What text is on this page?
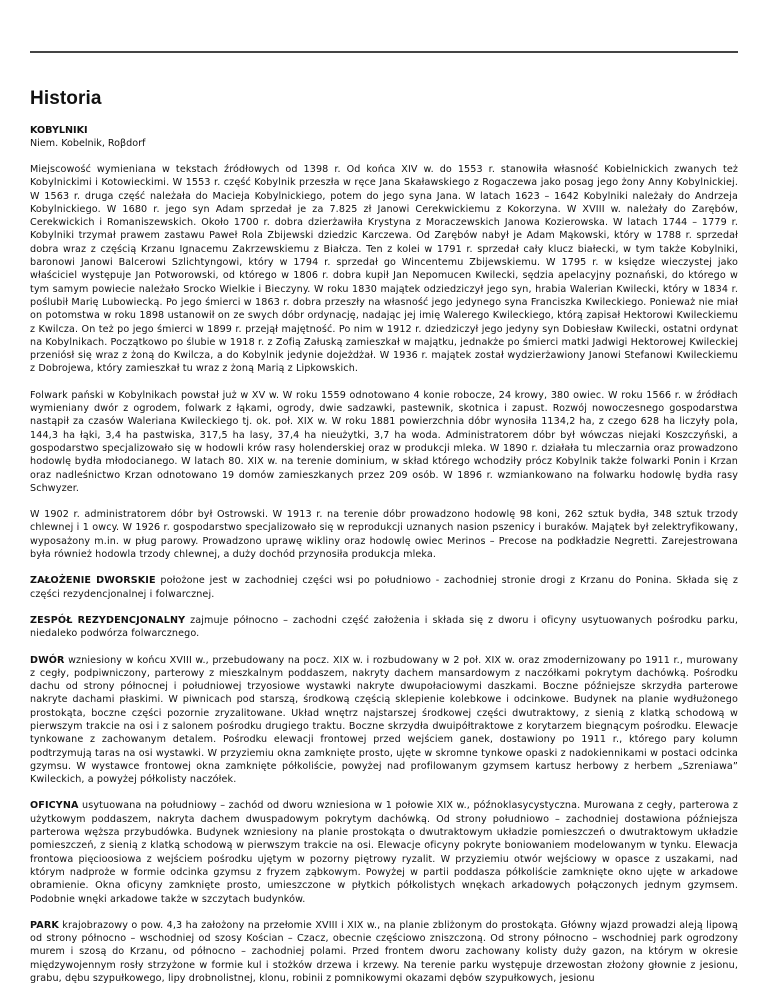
Historia
KOBYLNIKI
Niem. Kobelnik, Roβdorf

Miejscowość wymieniana w tekstach źródłowych od 1398 r. Od końca XIV w. do 1553 r. stanowiła własność Kobielnickich zwanych też Kobylnickimi i Kotowieckimi. W 1553 r. część Kobylnik przeszła w ręce Jana Skaławskiego z Rogaczewa jako posag jego żony Anny Kobylnickiej. W 1563 r. druga część należała do Macieja Kobylnickiego, potem do jego syna Jana. W latach 1623 – 1642 Kobylniki należały do Andrzeja Kobylnickiego. W 1680 r. jego syn Adam sprzedał je za 7.825 zł Janowi Cerekwickiemu z Kokorzyna. W XVIII w. należały do Zarębów, Cerekwickich i Romaniszewskich. Około 1700 r. dobra dzierżawiła Krystyna z Moraczewskich Janowa Kozierowska. W latach 1744 – 1779 r. Kobylniki trzymał prawem zastawu Paweł Rola Zbijewski dziedzic Karczewa. Od Zarębów nabył je Adam Mąkowski, który w 1788 r. sprzedał dobra wraz z częścią Krzanu Ignacemu Zakrzewskiemu z Białcza. Ten z kolei w 1791 r. sprzedał cały klucz białecki, w tym także Kobylniki, baronowi Janowi Balcerowi Szlichtyngowi, który w 1794 r. sprzedał go Wincentemu Zbijewskiemu. W 1795 r. w księdze wieczystej jako właściciel występuje Jan Potworowski, od którego w 1806 r. dobra kupił Jan Nepomucen Kwilecki, sędzia apelacyjny poznański, do którego w tym samym powiecie należało Srocko Wielkie i Bieczyny. W roku 1830 majątek odziedziczył jego syn, hrabia Walerian Kwilecki, który w 1834 r. poślubił Marię Lubowiecką. Po jego śmierci w 1863 r. dobra przeszły na własność jego jedynego syna Franciszka Kwileckiego. Ponieważ nie miał on potomstwa w roku 1898 ustanowił on ze swych dóbr ordynację, nadając jej imię Walerego Kwileckiego, którą zapisał Hektorowi Kwileckiemu z Kwilcza. On też po jego śmierci w 1899 r. przejął majętność. Po nim w 1912 r. dziedziczył jego jedyny syn Dobiesław Kwilecki, ostatni ordynat na Kobylnikach. Początkowo po ślubie w 1918 r. z Zofią Załuską zamieszkał w majątku, jednakże po śmierci matki Jadwigi Hektorowej Kwileckiej przeniósł się wraz z żoną do Kwilcza, a do Kobylnik jedynie dojeżdżał. W 1936 r. majątek został wydzierżawiony Janowi Stefanowi Kwileckiemu z Dobrojewa, który zamieszkał tu wraz z żoną Marią z Lipkowskich.

Folwark pański w Kobylnikach powstał już w XV w. W roku 1559 odnotowano 4 konie robocze, 24 krowy, 380 owiec. W roku 1566 r. w źródłach wymieniany dwór z ogrodem, folwark z łąkami, ogrody, dwie sadzawki, pastewnik, skotnica i zapust. Rozwój nowoczesnego gospodarstwa nastąpił za czasów Waleriana Kwileckiego tj. ok. poł. XIX w. W roku 1881 powierzchnia dóbr wynosiła 1134,2 ha, z czego 628 ha liczyły pola, 144,3 ha łąki, 3,4 ha pastwiska, 317,5 ha lasy, 37,4 ha nieużytki, 3,7 ha woda. Administratorem dóbr był wówczas niejaki Koszczyński, a gospodarstwo specjalizowało się w hodowli krów rasy holenderskiej oraz w produkcji mleka. W 1890 r. działała tu mleczarnia oraz prowadzono hodowlę bydła młodocianego. W latach 80. XIX w. na terenie dominium, w skład którego wchodziły prócz Kobylnik także folwarki Ponin i Krzan oraz nadleśnictwo Krzan odnotowano 19 domów zamieszkanych przez 209 osób. W 1896 r. wzmiankowano na folwarku hodowlę bydła rasy Schwyzer.

W 1902 r. administratorem dóbr był Ostrowski. W 1913 r. na terenie dóbr prowadzono hodowlę 98 koni, 262 sztuk bydła, 348 sztuk trzody chlewnej i 1 owcy. W 1926 r. gospodarstwo specjalizowało się w reprodukcji uznanych nasion pszenicy i buraków. Majątek był zelektryfikowany, wyposażony m.in. w pług parowy. Prowadzono uprawę wikliny oraz hodowlę owiec Merinos – Precose na podkładzie Negretti. Zarejestrowana była również hodowla trzody chlewnej, a duży dochód przynosiła produkcja mleka.

ZAŁOŻENIE DWORSKIE położone jest w zachodniej części wsi po południowo - zachodniej stronie drogi z Krzanu do Ponina. Składa się z części rezydencjonalnej i folwarcznej.

ZESPÓŁ REZYDENCJONALNY zajmuje północno – zachodni część założenia i składa się z dworu i oficyny usytuowanych pośrodku parku, niedaleko podwórza folwarcznego.

DWÓR wzniesiony w końcu XVIII w., przebudowany na pocz. XIX w. i rozbudowany w 2 poł. XIX w. oraz zmodernizowany po 1911 r., murowany z cegły, podpiwniczony, parterowy z mieszkalnym poddaszem, nakryty dachem mansardowym z naczółkami pokrytym dachówką. Pośrodku dachu od strony północnej i południowej trzyosiowe wystawki nakryte dwupołaciowymi daszkami. Boczne późniejsze skrzydła parterowe nakryte dachami płaskimi. W piwnicach pod starszą, środkową częścią sklepienie kolebkowe i odcinkowe. Budynek na planie wydłużonego prostokąta, boczne części pozornie zryzalitowane. Układ wnętrz najstarszej środkowej części dwutraktowy, z sienią z klatką schodową w pierwszym trakcie na osi i z salonem pośrodku drugiego traktu. Boczne skrzydła dwuipółtraktowe z korytarzem biegnącym pośrodku. Elewacje tynkowane z zachowanym detalem. Pośrodku elewacji frontowej przed wejściem ganek, dostawiony po 1911 r., którego pary kolumn podtrzymują taras na osi wystawki. W przyziemiu okna zamknięte prosto, ujęte w skromne tynkowe opaski z nadokiennikami w postaci odcinka gzymsu. W wystawce frontowej okna zamknięte półkoliście, powyżej nad profilowanym gzymsem kartusz herbowy z herbem „Szreniawa” Kwileckich, a powyżej półkolisty naczółek.

OFICYNA usytuowana na południowy – zachód od dworu wzniesiona w 1 połowie XIX w., późnoklasycystyczna. Murowana z cegły, parterowa z użytkowym poddaszem, nakryta dachem dwuspadowym pokrytym dachówką. Od strony południowo – zachodniej dostawiona późniejsza parterowa węższa przybudówka. Budynek wzniesiony na planie prostokąta o dwutraktowym układzie pomieszczeń o dwutraktowym układzie pomieszczeń, z sienią z klatką schodową w pierwszym trakcie na osi. Elewacje oficyny pokryte boniowaniem modelowanym w tynku. Elewacja frontowa pięcioosiowa z wejściem pośrodku ujętym w pozorny piętrowy ryzalit. W przyziemiu otwór wejściowy w opasce z uszakami, nad którym nadproże w formie odcinka gzymsu z fryzem ząbkowym. Powyżej w partii poddasza półkoliście zamknięte okno ujęte w arkadowe obramienie. Okna oficyny zamknięte prosto, umieszczone w płytkich półkolistych wnękach arkadowych połączonych jednym gzymsem. Podobnie wnęki arkadowe także w szczytach budynków.

PARK krajobrazowy o pow. 4,3 ha założony na przełomie XVIII i XIX w., na planie zbliżonym do prostokąta. Główny wjazd prowadzi aleją lipową od strony północno – wschodniej od szosy Kościan – Czacz, obecnie częściowo zniszczoną. Od strony północno – wschodniej park ogrodzony murem i szosą do Krzanu, od północno – zachodniej polami. Przed frontem dworu zachowany kolisty duży gazon, na którym w okresie międzywojennym rosły strzyżone w formie kul i stożków drzewa i krzewy. Na terenie parku występuje drzewostan złożony głownie z jesionu, grabu, dębu szypułkowego, lipy drobnolistnej, klonu, robinii z pomnikowymi okazami dębów szypułkowych, jesionu
